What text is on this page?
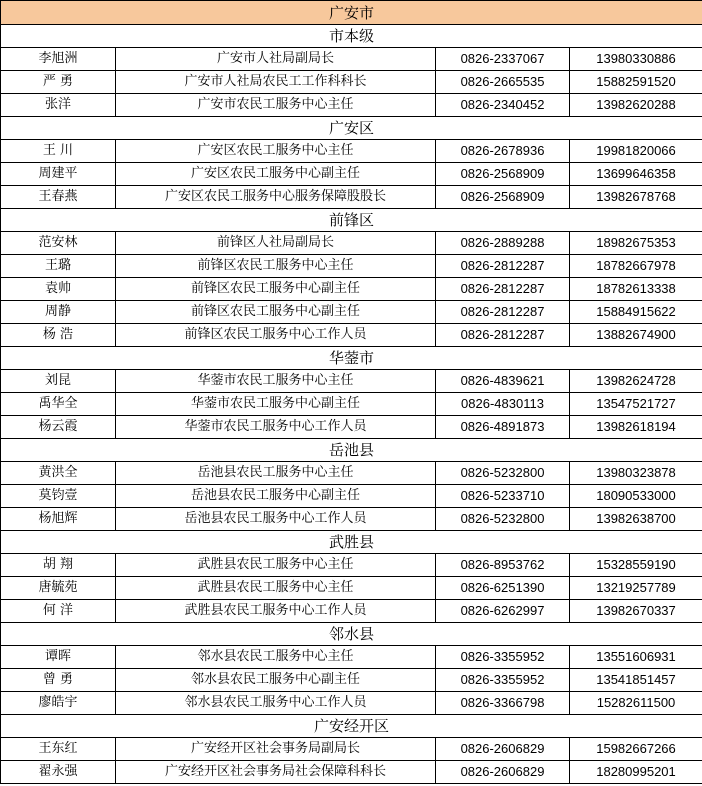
广安市			
市本级			
李旭洲	广安市人社局副局长	0826-2337067	13980330886
严 勇	广安市人社局农民工工作科科长	0826-2665535	15882591520
张洋	广安市农民工服务中心主任	0826-2340452	13982620288
广安区			
王 川	广安区农民工服务中心主任	0826-2678936	19981820066
周建平	广安区农民工服务中心副主任	0826-2568909	13699646358
王春燕	广安区农民工服务中心服务保障股股长	0826-2568909	13982678768
前锋区			
范安林	前锋区人社局副局长	0826-2889288	18982675353
王璐	前锋区农民工服务中心主任	0826-2812287	18782667978
袁帅	前锋区农民工服务中心副主任	0826-2812287	18782613338
周静	前锋区农民工服务中心副主任	0826-2812287	15884915622
杨 浩	前锋区农民工服务中心工作人员	0826-2812287	13882674900
华蓥市			
刘昆	华蓥市农民工服务中心主任	0826-4839621	13982624728
禹华全	华蓥市农民工服务中心副主任	0826-4830113	13547521727
杨云霞	华蓥市农民工服务中心工作人员	0826-4891873	13982618194
岳池县			
黄洪全	岳池县农民工服务中心主任	0826-5232800	13980323878
莫钧壹	岳池县农民工服务中心副主任	0826-5233710	18090533000
杨旭辉	岳池县农民工服务中心工作人员	0826-5232800	13982638700
武胜县			
胡 翔	武胜县农民工服务中心主任	0826-8953762	15328559190
唐毓苑	武胜县农民工服务中心主任	0826-6251390	13219257789
何 洋	武胜县农民工服务中心工作人员	0826-6262997	13982670337
邻水县			
谭晖	邻水县农民工服务中心主任	0826-3355952	13551606931
曾 勇	邻水县农民工服务中心副主任	0826-3355952	13541851457
廖皓宇	邻水县农民工服务中心工作人员	0826-3366798	15282611500
广安经开区			
王东红	广安经开区社会事务局副局长	0826-2606829	15982667266
翟永强	广安经开区社会事务局社会保障科科长	0826-2606829	18280995201
